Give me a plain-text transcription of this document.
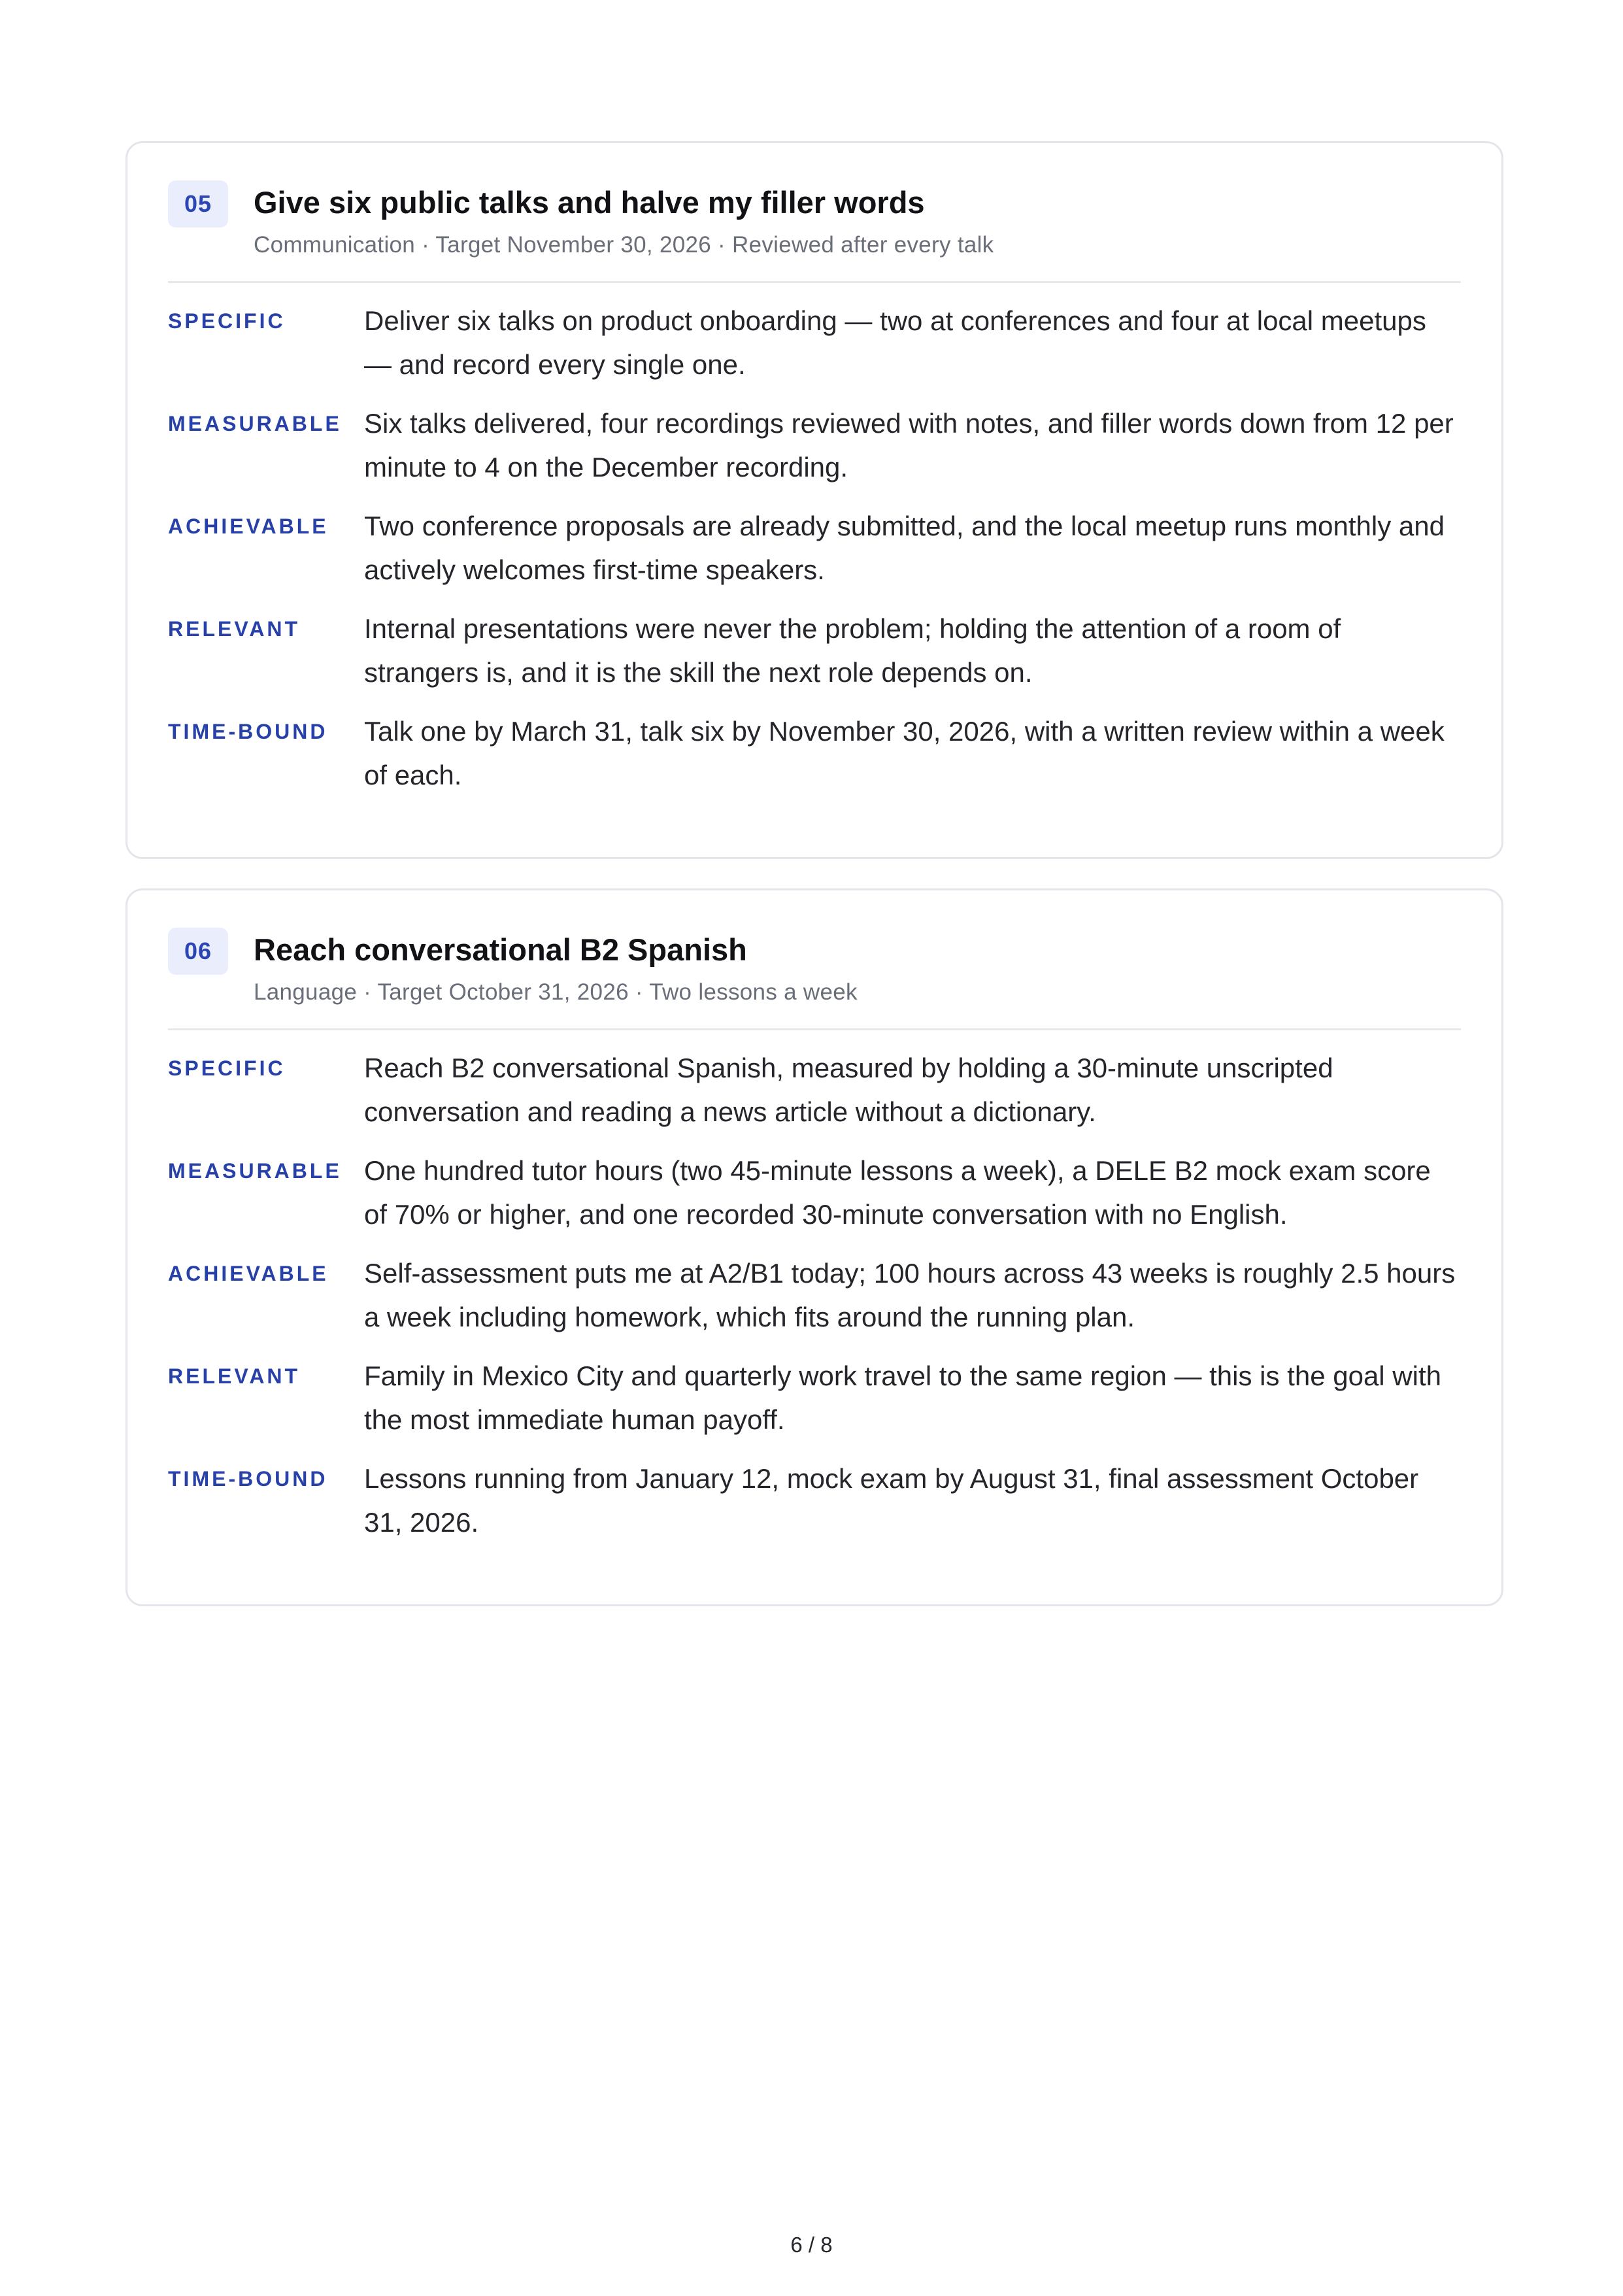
05	Give six public talks and halve my filler words

Communication · Target November 30, 2026 · Reviewed after every talk

SPECIFIC	Deliver six talks on product onboarding — two at conferences and four at local meetups — and record every single one.

MEASURABLE Six talks delivered, four recordings reviewed with notes, and filler words down from 12 per minute to 4 on the December recording.

ACHIEVABLE	Two conference proposals are already submitted, and the local meetup runs monthly and actively welcomes first-time speakers.

RELEVANT	Internal presentations were never the problem; holding the attention of a room of strangers is, and it is the skill the next role depends on.

TIME-BOUND	Talk one by March 31, talk six by November 30, 2026, with a written review within a week of each.

06	Reach conversational B2 Spanish

Language · Target October 31, 2026 · Two lessons a week

SPECIFIC	Reach B2 conversational Spanish, measured by holding a 30-minute unscripted conversation and reading a news article without a dictionary.

MEASURABLE One hundred tutor hours (two 45-minute lessons a week), a DELE B2 mock exam score of 70% or higher, and one recorded 30-minute conversation with no English.

ACHIEVABLE	Self-assessment puts me at A2/B1 today; 100 hours across 43 weeks is roughly 2.5 hours a week including homework, which fits around the running plan.

RELEVANT	Family in Mexico City and quarterly work travel to the same region — this is the goal with the most immediate human payoff.

TIME-BOUND	Lessons running from January 12, mock exam by August 31, final assessment October 31, 2026.

6 / 8
